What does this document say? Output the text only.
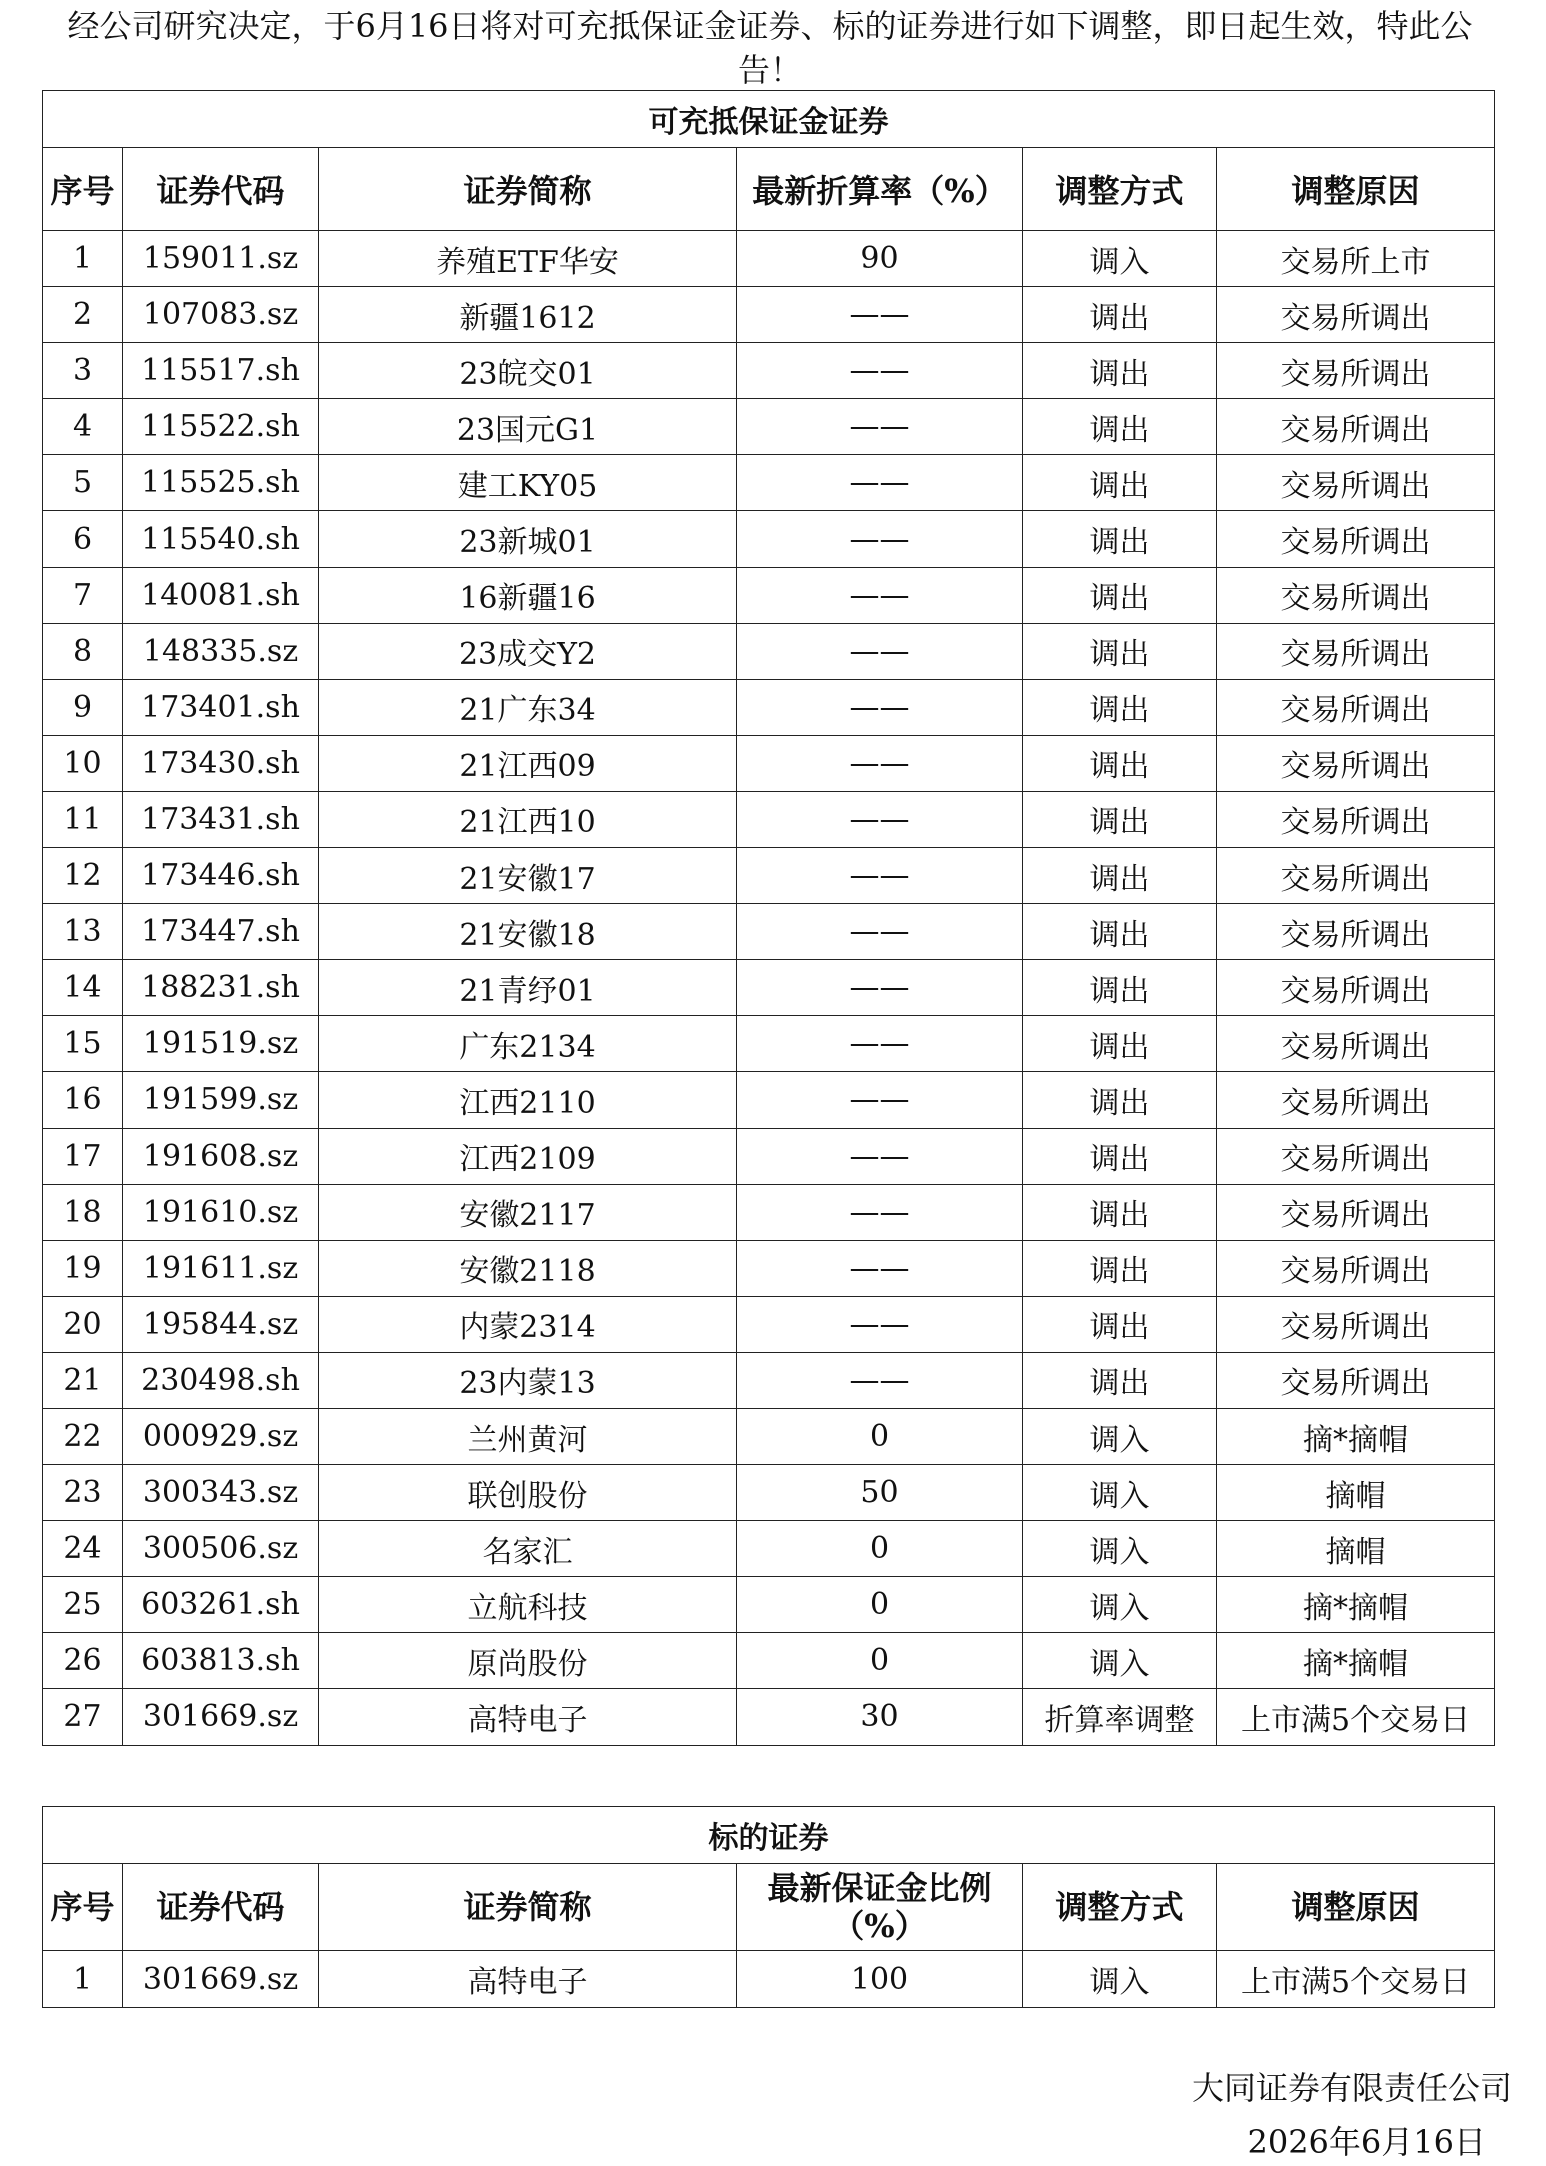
经公司研究决定，于6月16日将对可充抵保证金证券、标的证券进行如下调整，即日起生效，特此公告！
可充抵保证金证券					
序号	证券代码	证券简称	最新折算率（%）	调整方式	调整原因
1	159011.sz	养殖ETF华安	90	调入	交易所上市
2	107083.sz	新疆1612	——	调出	交易所调出
3	115517.sh	23皖交01	——	调出	交易所调出
4	115522.sh	23国元G1	——	调出	交易所调出
5	115525.sh	建工KY05	——	调出	交易所调出
6	115540.sh	23新城01	——	调出	交易所调出
7	140081.sh	16新疆16	——	调出	交易所调出
8	148335.sz	23成交Y2	——	调出	交易所调出
9	173401.sh	21广东34	——	调出	交易所调出
10	173430.sh	21江西09	——	调出	交易所调出
11	173431.sh	21江西10	——	调出	交易所调出
12	173446.sh	21安徽17	——	调出	交易所调出
13	173447.sh	21安徽18	——	调出	交易所调出
14	188231.sh	21青纾01	——	调出	交易所调出
15	191519.sz	广东2134	——	调出	交易所调出
16	191599.sz	江西2110	——	调出	交易所调出
17	191608.sz	江西2109	——	调出	交易所调出
18	191610.sz	安徽2117	——	调出	交易所调出
19	191611.sz	安徽2118	——	调出	交易所调出
20	195844.sz	内蒙2314	——	调出	交易所调出
21	230498.sh	23内蒙13	——	调出	交易所调出
22	000929.sz	兰州黄河	0	调入	摘*摘帽
23	300343.sz	联创股份	50	调入	摘帽
24	300506.sz	名家汇	0	调入	摘帽
25	603261.sh	立航科技	0	调入	摘*摘帽
26	603813.sh	原尚股份	0	调入	摘*摘帽
27	301669.sz	高特电子	30	折算率调整	上市满5个交易日
标的证券					
序号	证券代码	证券简称	最新保证金比例（%）	调整方式	调整原因
1	301669.sz	高特电子	100	调入	上市满5个交易日
大同证券有限责任公司
2026年6月16日
